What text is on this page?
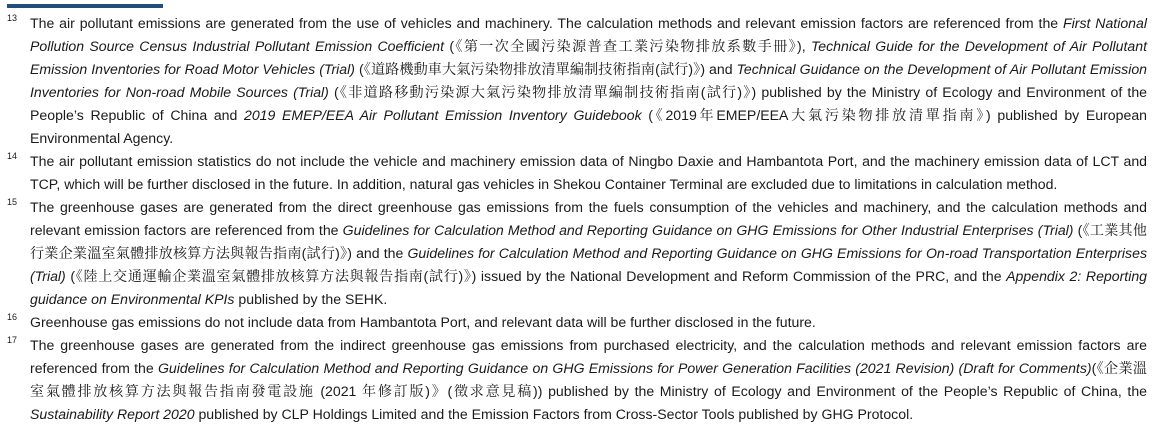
13 The air pollutant emissions are generated from the use of vehicles and machinery. The calculation methods and relevant emission factors are referenced from the First National Pollution Source Census Industrial Pollutant Emission Coefficient (《第一次全國污染源普查工業污染物排放系數手冊》), Technical Guide for the Development of Air Pollutant Emission Inventories for Road Motor Vehicles (Trial) (《道路機動車大氣污染物排放清單編制技術指南(試行)》) and Technical Guidance on the Development of Air Pollutant Emission Inventories for Non-road Mobile Sources (Trial) (《非道路移動污染源大氣污染物排放清單編制技術指南(試行)》) published by the Ministry of Ecology and Environment of the People’s Republic of China and 2019 EMEP/EEA Air Pollutant Emission Inventory Guidebook (《2019年EMEP/EEA大氣污染物排放清單指南》) published by European Environmental Agency.

14 The air pollutant emission statistics do not include the vehicle and machinery emission data of Ningbo Daxie and Hambantota Port, and the machinery emission data of LCT and TCP, which will be further disclosed in the future. In addition, natural gas vehicles in Shekou Container Terminal are excluded due to limitations in calculation method.

15 The greenhouse gases are generated from the direct greenhouse gas emissions from the fuels consumption of the vehicles and machinery, and the calculation methods and relevant emission factors are referenced from the Guidelines for Calculation Method and Reporting Guidance on GHG Emissions for Other Industrial Enterprises (Trial) (《工業其他行業企業溫室氣體排放核算方法與報告指南(試行)》) and the Guidelines for Calculation Method and Reporting Guidance on GHG Emissions for On-road Transportation Enterprises (Trial) (《陸上交通運輸企業溫室氣體排放核算方法與報告指南(試行)》) issued by the National Development and Reform Commission of the PRC, and the Appendix 2: Reporting guidance on Environmental KPIs published by the SEHK.

16 Greenhouse gas emissions do not include data from Hambantota Port, and relevant data will be further disclosed in the future.

17 The greenhouse gases are generated from the indirect greenhouse gas emissions from purchased electricity, and the calculation methods and relevant emission factors are referenced from the Guidelines for Calculation Method and Reporting Guidance on GHG Emissions for Power Generation Facilities (2021 Revision) (Draft for Comments)(《企業溫室氣體排放核算方法與報告指南發電設施 (2021 年修訂版)》(徵求意見稿)) published by the Ministry of Ecology and Environment of the People’s Republic of China, the Sustainability Report 2020 published by CLP Holdings Limited and the Emission Factors from Cross-Sector Tools published by GHG Protocol.
